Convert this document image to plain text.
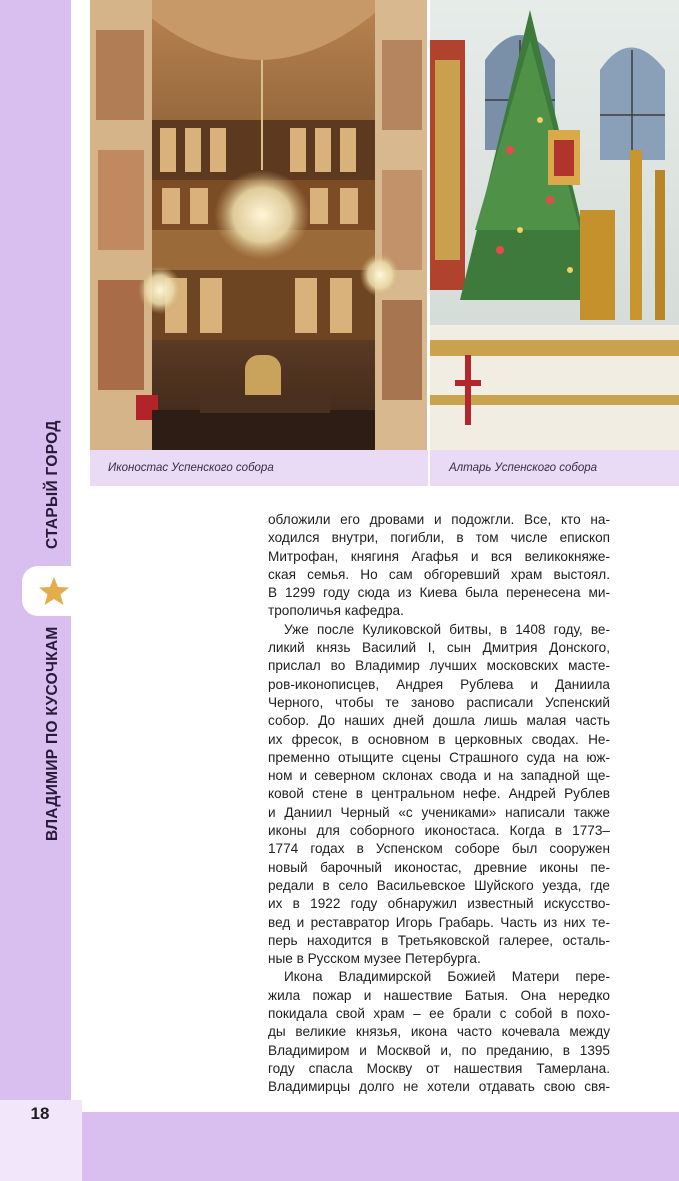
СТАРЫЙ ГОРОД
ВЛАДИМИР ПО КУСОЧКАМ
18
Иконостас Успенского собора	Алтарь Успенского собора

обложили его дровами и подожгли. Все, кто на-
ходился внутри, погибли, в том числе епископ
Митрофан, княгиня Агафья и вся великокняже-
ская семья. Но сам обгоревший храм выстоял.
В 1299 году сюда из Киева была перенесена ми-
трополичья кафедра.

Уже после Куликовской битвы, в 1408 году, ве-
ликий князь Василий I, сын Дмитрия Донского,
прислал во Владимир лучших московских масте-
ров-иконописцев, Андрея Рублева и Даниила
Черного, чтобы те заново расписали Успенский
собор. До наших дней дошла лишь малая часть
их фресок, в основном в церковных сводах. Не-
пременно отыщите сцены Страшного суда на юж-
ном и северном склонах свода и на западной ще-
ковой стене в центральном нефе. Андрей Рублев
и Даниил Черный «с учениками» написали также
иконы для соборного иконостаса. Когда в 1773–
1774 годах в Успенском соборе был сооружен
новый барочный иконостас, древние иконы пе-
редали в село Васильевское Шуйского уезда, где
их в 1922 году обнаружил известный искусство-
вед и реставратор Игорь Грабарь. Часть из них те-
перь находится в Третьяковской галерее, осталь-
ные в Русском музее Петербурга.

Икона Владимирской Божией Матери пере-
жила пожар и нашествие Батыя. Она нередко
покидала свой храм – ее брали с собой в похо-
ды великие князья, икона часто кочевала между
Владимиром и Москвой и, по преданию, в 1395
году спасла Москву от нашествия Тамерлана.
Владимирцы долго не хотели отдавать свою свя-
